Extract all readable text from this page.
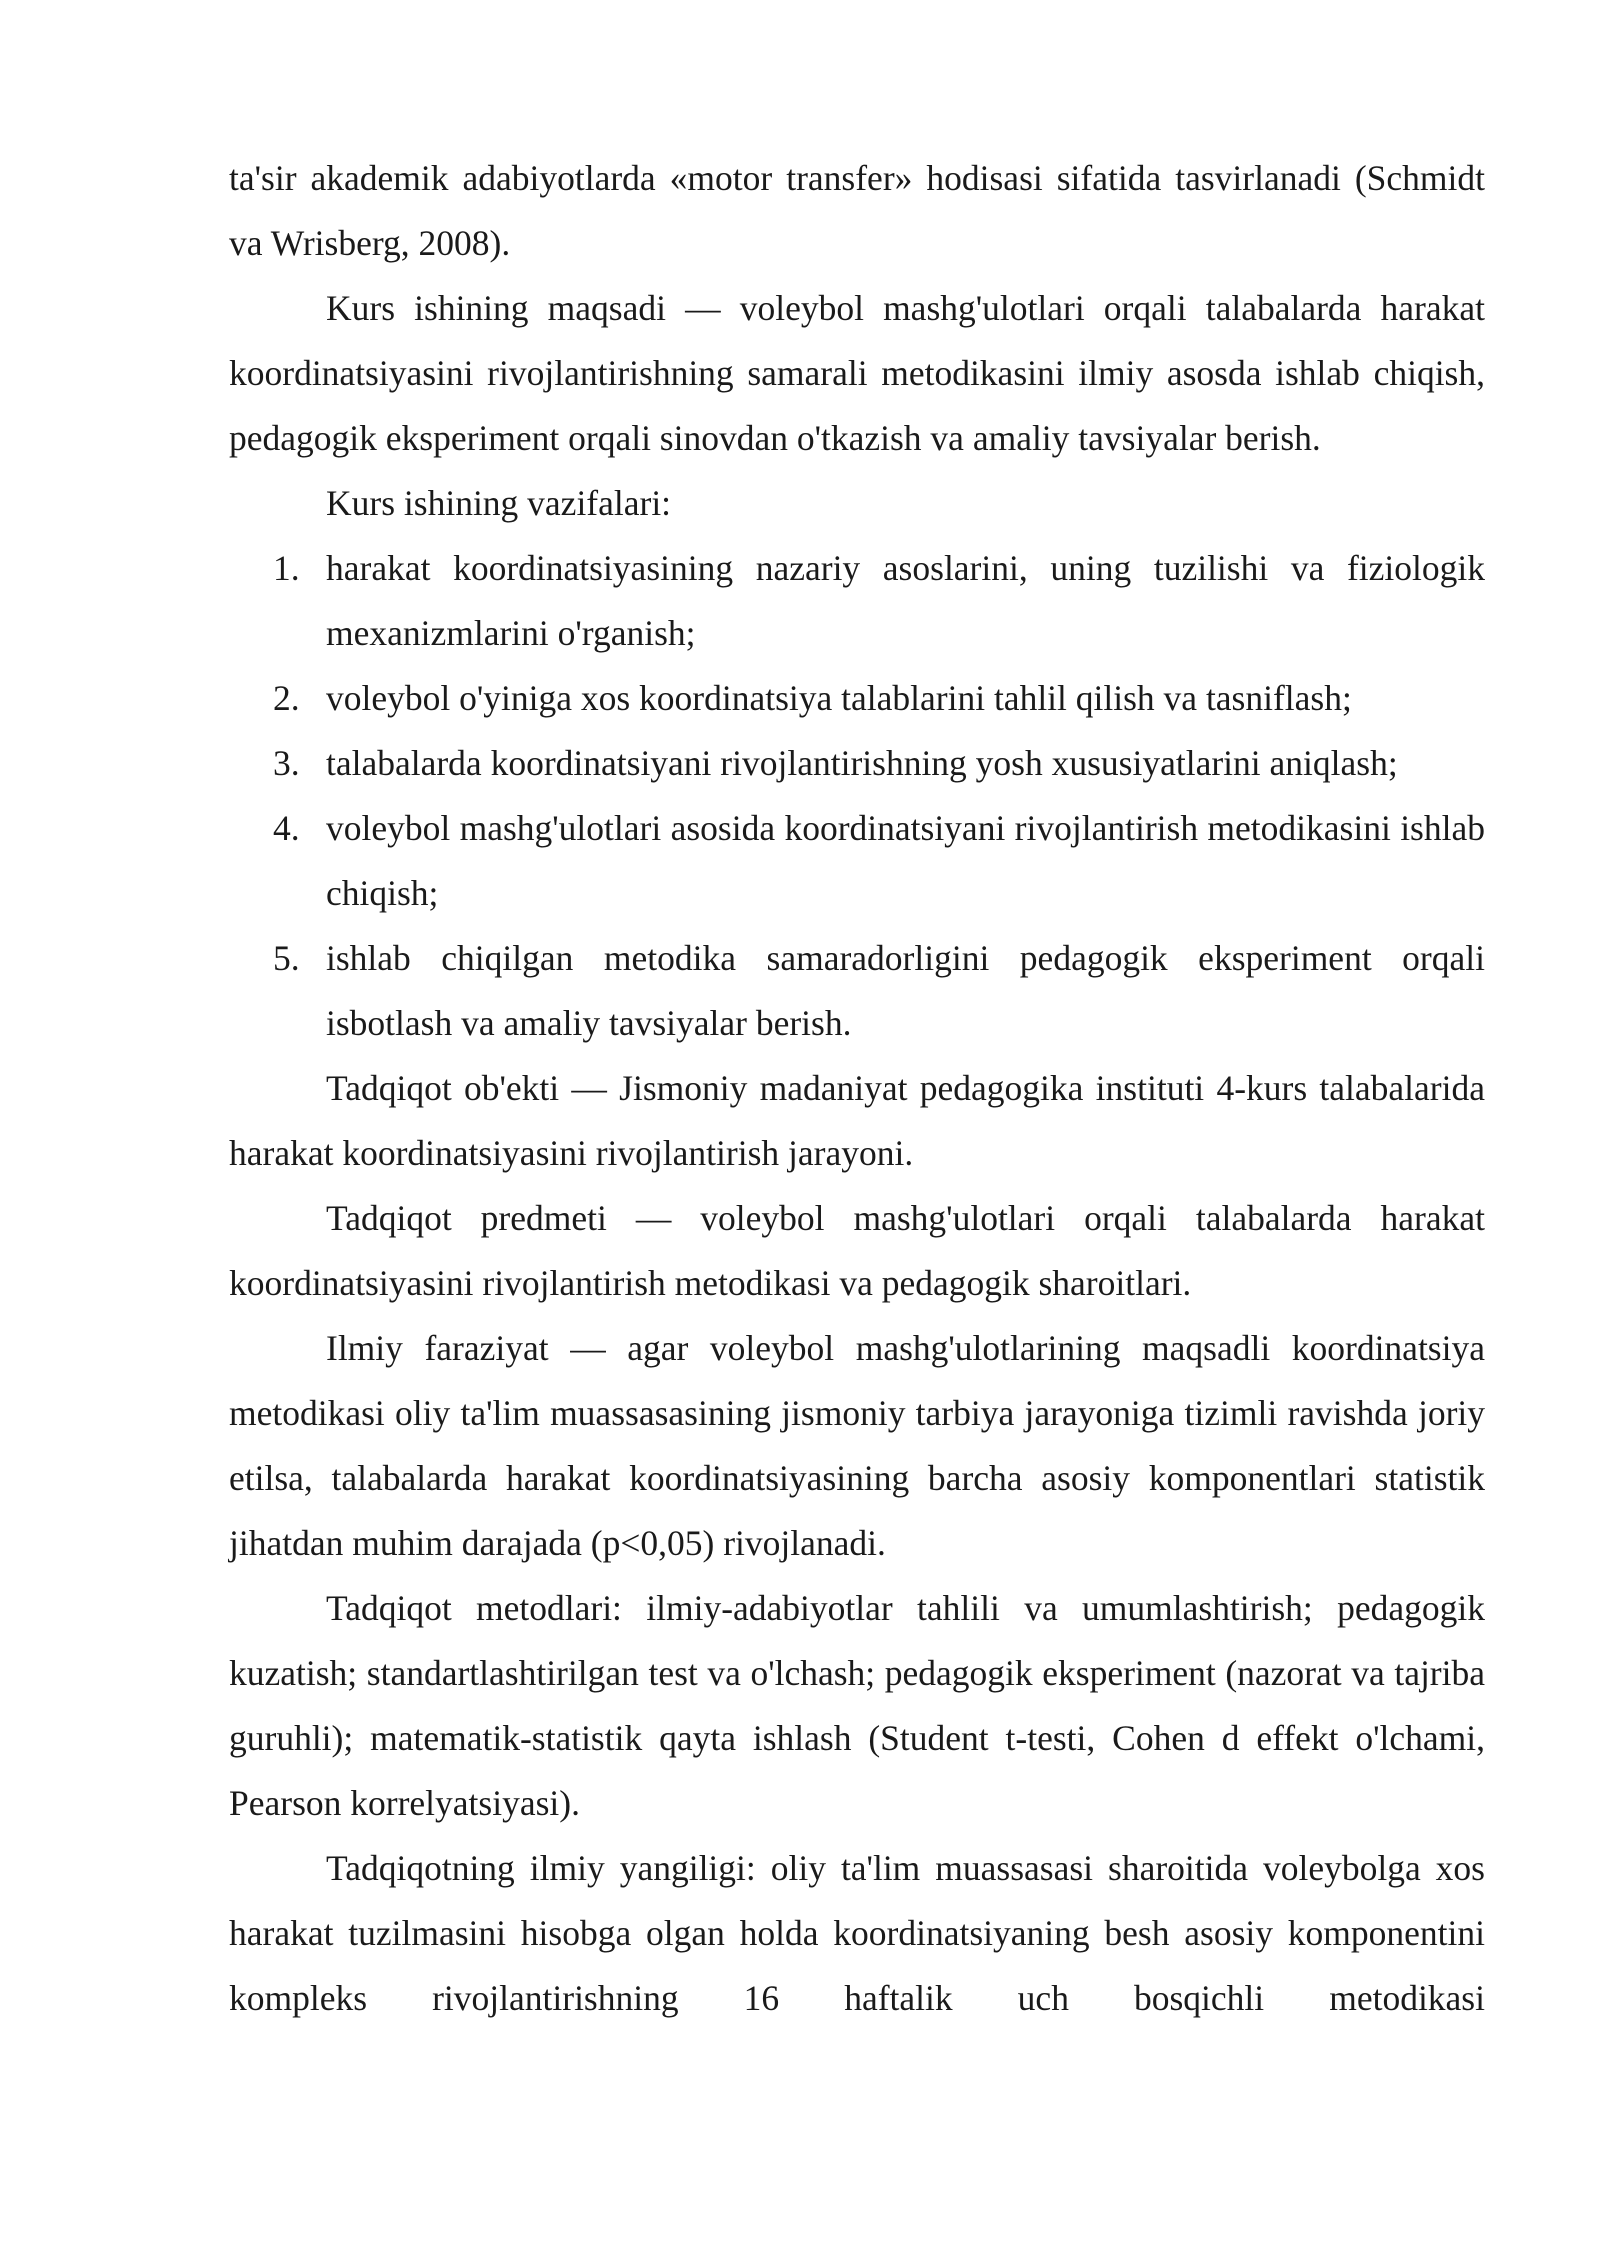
ta'sir akademik adabiyotlarda «motor transfer» hodisasi sifatida tasvirlanadi (Schmidt va Wrisberg, 2008).

Kurs ishining maqsadi — voleybol mashg'ulotlari orqali talabalarda harakat koordinatsiyasini rivojlantirishning samarali metodikasini ilmiy asosda ishlab chiqish, pedagogik eksperiment orqali sinovdan o'tkazish va amaliy tavsiyalar berish.

Kurs ishining vazifalari:

1. harakat koordinatsiyasining nazariy asoslarini, uning tuzilishi va fiziologik mexanizmlarini o'rganish;
2. voleybol o'yiniga xos koordinatsiya talablarini tahlil qilish va tasniflash;
3. talabalarda koordinatsiyani rivojlantirishning yosh xususiyatlarini aniqlash;
4. voleybol mashg'ulotlari asosida koordinatsiyani rivojlantirish metodikasini ishlab chiqish;
5. ishlab chiqilgan metodika samaradorligini pedagogik eksperiment orqali isbotlash va amaliy tavsiyalar berish.

Tadqiqot ob'ekti — Jismoniy madaniyat pedagogika instituti 4-kurs talabalarida harakat koordinatsiyasini rivojlantirish jarayoni.

Tadqiqot predmeti — voleybol mashg'ulotlari orqali talabalarda harakat koordinatsiyasini rivojlantirish metodikasi va pedagogik sharoitlari.

Ilmiy faraziyat — agar voleybol mashg'ulotlarining maqsadli koordinatsiya metodikasi oliy ta'lim muassasasining jismoniy tarbiya jarayoniga tizimli ravishda joriy etilsa, talabalarda harakat koordinatsiyasining barcha asosiy komponentlari statistik jihatdan muhim darajada (p<0,05) rivojlanadi.

Tadqiqot metodlari: ilmiy-adabiyotlar tahlili va umumlashtirish; pedagogik kuzatish; standartlashtirilgan test va o'lchash; pedagogik eksperiment (nazorat va tajriba guruhli); matematik-statistik qayta ishlash (Student t-testi, Cohen d effekt o'lchami, Pearson korrelyatsiyasi).

Tadqiqotning ilmiy yangiligi: oliy ta'lim muassasasi sharoitida voleybolga xos harakat tuzilmasini hisobga olgan holda koordinatsiyaning besh asosiy komponentini kompleks rivojlantirishning 16 haftalik uch bosqichli metodikasi
